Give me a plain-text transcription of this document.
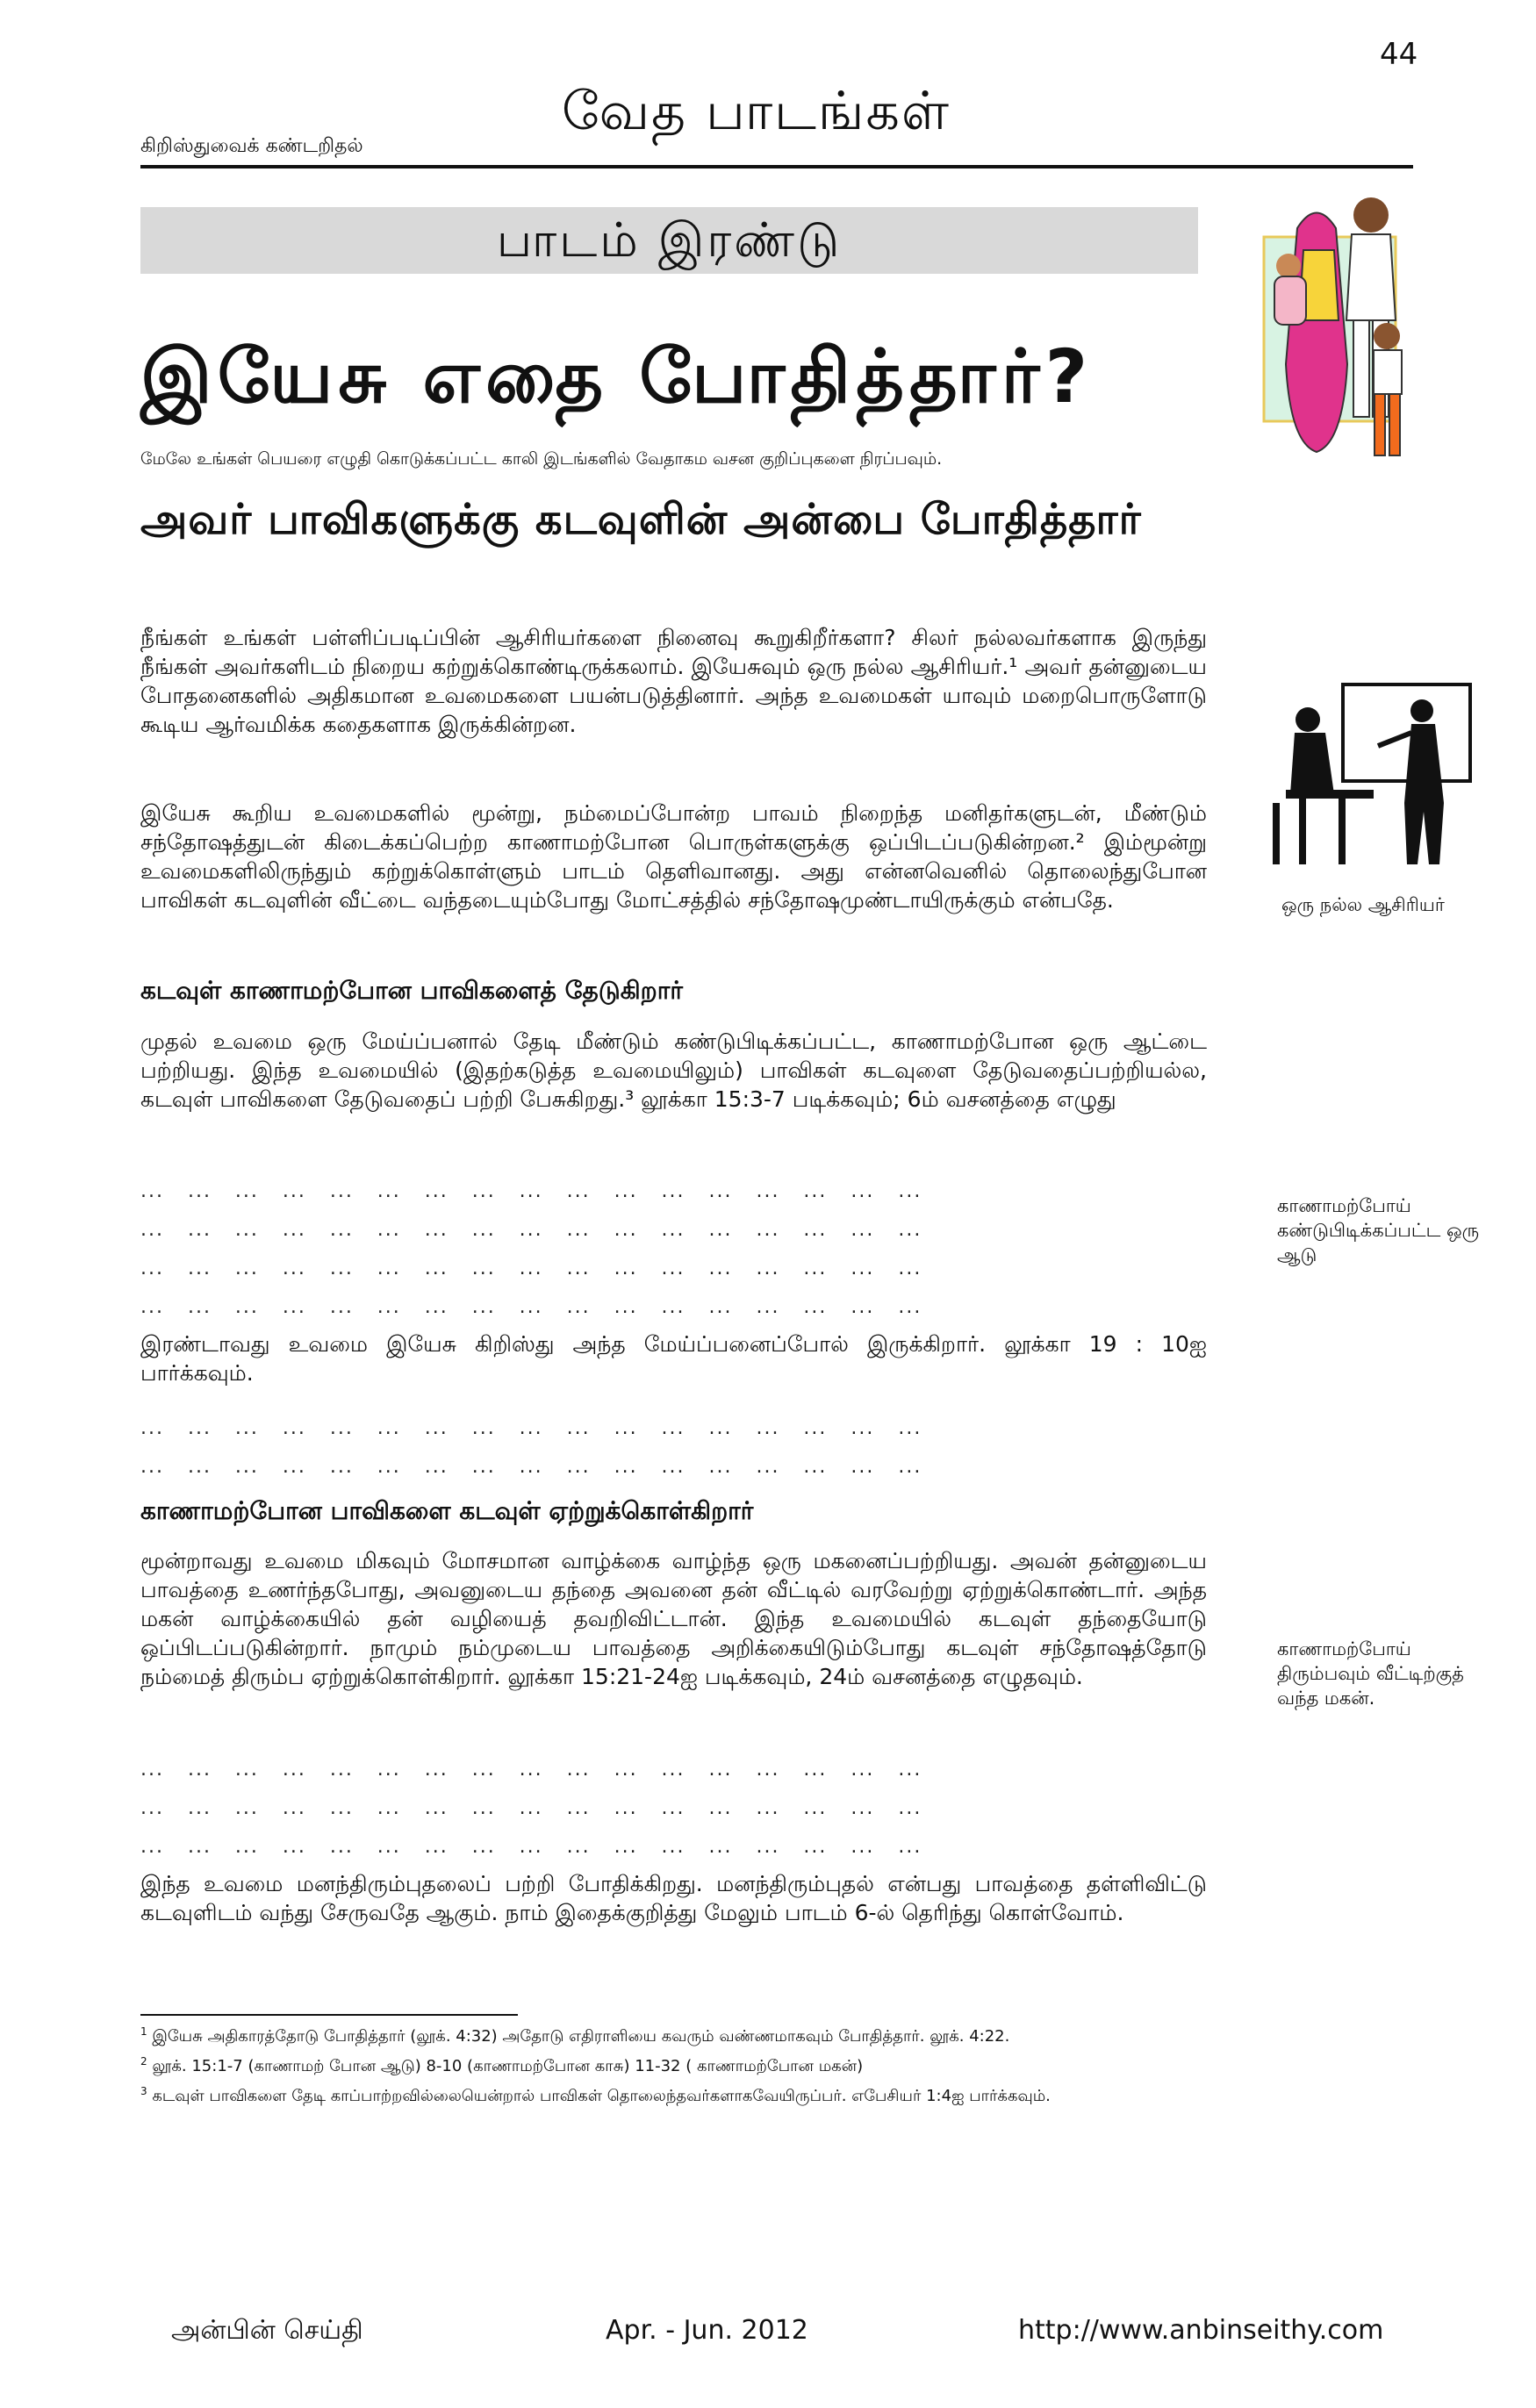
44
வேத பாடங்கள்
கிறிஸ்துவைக் கண்டறிதல்
பாடம் இரண்டு
இயேசு எதை போதித்தார்?
மேலே உங்கள் பெயரை எழுதி கொடுக்கப்பட்ட காலி இடங்களில் வேதாகம வசன குறிப்புகளை நிரப்பவும்.
அவர் பாவிகளுக்கு கடவுளின் அன்பை போதித்தார்
நீங்கள் உங்கள் பள்ளிப்படிப்பின் ஆசிரியர்களை நினைவு கூறுகிறீர்களா? சிலர் நல்லவர்களாக இருந்து நீங்கள் அவர்களிடம் நிறைய கற்றுக்கொண்டிருக்கலாம். இயேசுவும் ஒரு நல்ல ஆசிரியர்.¹ அவர் தன்னுடைய போதனைகளில் அதிகமான உவமைகளை பயன்படுத்தினார். அந்த உவமைகள் யாவும் மறைபொருளோடு கூடிய ஆர்வமிக்க கதைகளாக இருக்கின்றன.
ஒரு நல்ல ஆசிரியர்
இயேசு கூறிய உவமைகளில் மூன்று, நம்மைப்போன்ற பாவம் நிறைந்த மனிதர்களுடன், மீண்டும் சந்தோஷத்துடன் கிடைக்கப்பெற்ற காணாமற்போன பொருள்களுக்கு ஒப்பிடப்படுகின்றன.² இம்மூன்று உவமைகளிலிருந்தும் கற்றுக்கொள்ளும் பாடம் தெளிவானது. அது என்னவெனில் தொலைந்துபோன பாவிகள் கடவுளின் வீட்டை வந்தடையும்போது மோட்சத்தில் சந்தோஷமுண்டாயிருக்கும் என்பதே.
கடவுள் காணாமற்போன பாவிகளைத் தேடுகிறார்
முதல் உவமை ஒரு மேய்ப்பனால் தேடி மீண்டும் கண்டுபிடிக்கப்பட்ட, காணாமற்போன ஒரு ஆட்டை பற்றியது. இந்த உவமையில் (இதற்கடுத்த உவமையிலும்) பாவிகள் கடவுளை தேடுவதைப்பற்றியல்ல, கடவுள் பாவிகளை தேடுவதைப் பற்றி பேசுகிறது.³ லூக்கா 15:3-7 படிக்கவும்; 6ம் வசனத்தை எழுது
...   ...   ...   ...   ...   ...   ...   ...   ...   ...   ...   ...   ...   ...   ...   ...   ...
...   ...   ...   ...   ...   ...   ...   ...   ...   ...   ...   ...   ...   ...   ...   ...   ...
...   ...   ...   ...   ...   ...   ...   ...   ...   ...   ...   ...   ...   ...   ...   ...   ...
...   ...   ...   ...   ...   ...   ...   ...   ...   ...   ...   ...   ...   ...   ...   ...   ...
காணாமற்போய் கண்டுபிடிக்கப்பட்ட ஒரு ஆடு
இரண்டாவது உவமை இயேசு கிறிஸ்து அந்த மேய்ப்பனைப்போல் இருக்கிறார். லூக்கா 19 : 10ஐ பார்க்கவும்.
...   ...   ...   ...   ...   ...   ...   ...   ...   ...   ...   ...   ...   ...   ...   ...   ...
...   ...   ...   ...   ...   ...   ...   ...   ...   ...   ...   ...   ...   ...   ...   ...   ...
காணாமற்போன பாவிகளை கடவுள் ஏற்றுக்கொள்கிறார்
மூன்றாவது உவமை மிகவும் மோசமான வாழ்க்கை வாழ்ந்த ஒரு மகனைப்பற்றியது. அவன் தன்னுடைய பாவத்தை உணர்ந்தபோது, அவனுடைய தந்தை அவனை தன் வீட்டில் வரவேற்று ஏற்றுக்கொண்டார். அந்த மகன் வாழ்க்கையில் தன் வழியைத் தவறிவிட்டான். இந்த உவமையில் கடவுள் தந்தையோடு ஒப்பிடப்படுகின்றார். நாமும் நம்முடைய பாவத்தை அறிக்கையிடும்போது கடவுள் சந்தோஷத்தோடு நம்மைத் திரும்ப ஏற்றுக்கொள்கிறார். லூக்கா 15:21-24ஐ படிக்கவும், 24ம் வசனத்தை எழுதவும்.
காணாமற்போய் திரும்பவும் வீட்டிற்குத் வந்த மகன்.
...   ...   ...   ...   ...   ...   ...   ...   ...   ...   ...   ...   ...   ...   ...   ...   ...
...   ...   ...   ...   ...   ...   ...   ...   ...   ...   ...   ...   ...   ...   ...   ...   ...
...   ...   ...   ...   ...   ...   ...   ...   ...   ...   ...   ...   ...   ...   ...   ...   ...
இந்த உவமை மனந்திரும்புதலைப் பற்றி போதிக்கிறது. மனந்திரும்புதல் என்பது பாவத்தை தள்ளிவிட்டு கடவுளிடம் வந்து சேருவதே ஆகும். நாம் இதைக்குறித்து மேலும் பாடம் 6-ல் தெரிந்து கொள்வோம்.
$^1$ இயேசு அதிகாரத்தோடு போதித்தார் (லூக். 4:32) அதோடு எதிராளியை கவரும் வண்ணமாகவும் போதித்தார். லூக். 4:22.
$^2$ லூக். 15:1-7 (காணாமற் போன ஆடு) 8-10 (காணாமற்போன காசு) 11-32 ( காணாமற்போன மகன்)
$^3$ கடவுள் பாவிகளை தேடி காப்பாற்றவில்லையென்றால் பாவிகள் தொலைந்தவர்களாகவேயிருப்பர். எபேசியர் 1:4ஐ பார்க்கவும்.
அன்பின் செய்தி	Apr. - Jun. 2012	http://www.anbinseithy.com
